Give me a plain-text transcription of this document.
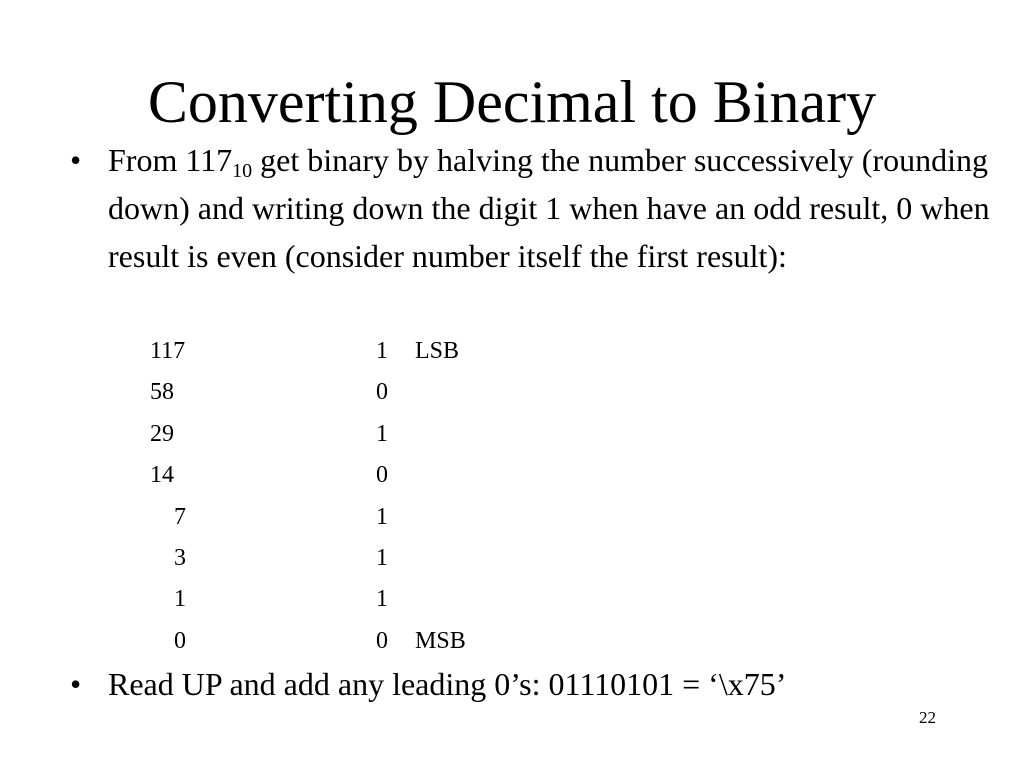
Converting Decimal to Binary
• From $117_{10}$ get binary by halving the number successively (rounding down) and writing down the digit 1 when have an odd result, 0 when result is even (consider number itself the first result):
117	1 LSB
58	0
29	1
14	0
7	1
3	1
1	1
0	0 MSB
• Read UP and add any leading 0’s: 01110101 = ‘\x75’
22
